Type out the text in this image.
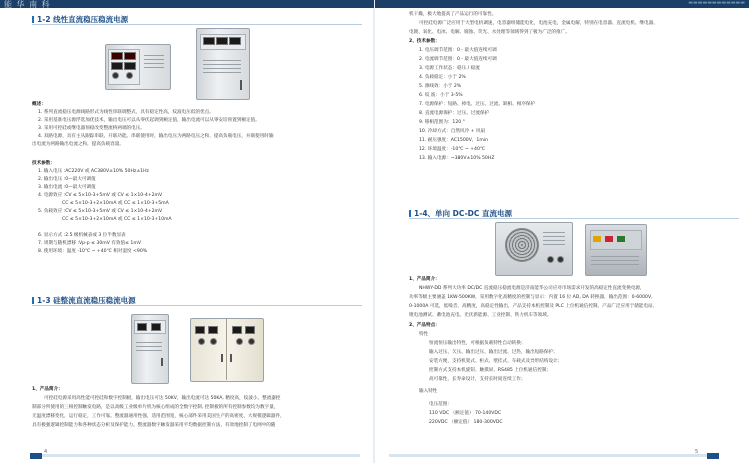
能 华 南 科
1-2 线性直流稳压稳流电源
概述：
1. 系列直流稳压电源线路形式为线性串联调整式，具有稳定性高，纹波电压低的优点。
2. 采用基准电压源浮选加优技术，输出电压可以从零伏起调到额定值，输出电流可以从零安培预置到额定值。
3. 采用可控硅或继电器预稳改变整流桥两端的电压。
4. 双路电源，具有主从跟踪串联、开联功能。串联使用时，输出电压为两路电压之和，提高负载电压，并联使用时输
出电流为两路输出电流之和，提高负载容量。
技术参数：
1. 输入电压 :AC220V 或 AC380V±10% 50Hz±1Hz
2. 输出电压 :0—最大可调值
3. 输出电流 :0—最大可调值
4. 电源效应 :CV ≤ 5×10-3+5mV 或 CV ≤ 1×10-4+2mV
CC ≤ 5×10-3+2×10mA 或 CC ≤ 1×10-3+5mA
5. 负载效应 :CV ≤ 5×10-3+5mV 或 CV ≤ 1×10-4+2mV
CC ≤ 5×10-3+2×10mA 或 CC ≤ 1×10-3+10mA
6. 显示方式 :2.5 级机械表或 3 位半数显表
7. 周期与随机漂移 :Vp-p ≤ 30mV 有效值≤ 1mV
8. 使用环境：温度 -10℃ ~ +40℃ 相对湿度 <90%
1-3 硅整流直流稳压稳流电源
1、产品简介：
可控硅电源采用高性能可控硅和数字控制板，输出电压可达 50KV，输出电流可达 50KA, 精度高，纹波小。整流器控
制部分所使用的三相控制触发电路，是以高级工业级单片机为核心组成的全数字控制, 控制板的所有控制参数均为数字量，
无温度漂移变化，运行稳定，工作可靠。整流器通用性强，适用范围宽，核心部件采用美国生产的高密度、大规模逻辑器件，
具有极强逻辑控制能力和各种状态分析及保护能力。整流器数字触发器采用平均数据控制方法，有效地控制了电网中的随
4
▬▬▬▬▬▬▬▬▬▬▬▬
机干燥，极大地提高了产品运行的可靠性。
可控硅电源广泛应用于大型电机调速，电容器组储能电化，电池充电，金属电解，特别在电容器、直流电机、继电器、
电镀、氧化、电冰、电解、腐蚀、荧光、水处理等领域得到了极为广泛的推广。
2、技术参数：
1. 电压调节范围：0 - 最大值连续可调
2. 电流调节范围：0 - 最大值连续可调
3. 电源工作状态：稳压 / 稳流
4. 负载稳定：小于 2%
5. 源线效：小于 2%
6. 纹 波：小于 3-5%
7. 电源保护：短路、掉电、过压、过流、缺相、相序保护
8. 直流电源保护：过压、过流保护
9. 移相范围为：120 °
10. 冷却方式：自然风冷 + 风扇
11. 耐压强度：AC1500V，1min
12. 环境温度：-10℃ ~ +40℃
13. 输入电源：~380V±10% 50HZ
1-4、单向 DC-DC 直流电源
1、产品简介：
NHWY-DD 系列大功率 DC/DC 直流稳压稳流电源是济南能华公司应对市场需求开发的高稳定性直流变换电源，
功率等级主要涵盖 1KW-500KW，采用数字化高精度的控制与显示：内置 16 位 AD, DA 转换器，输出范围：0-6000V,
0-1000A 可选，低噪音，高精度，高稳定性输出，产品支持本机控制及 PLC 上位机通信控制。产品广泛应用于储能电站、
锂电池测试、蓄电池充电、光伏新能源、工业控制、铁力机车等领域。
2、产品特点：
特性
恒流恒压输出特性，可根据负载特性自动转换；
输入过压、欠压、输出过压、输出过流、过热、输出短路保护；
安装方便，支持机架式、柜式、壁挂式、车载式及异形结构设计；
控制方式支持本机旋钮、触摸屏、RS485 上位机通信控制；
高可靠性，长寿命设计，支持长时间连续工作；
输入特性
电压范围：
110 VDC （额定值） 70-140VDC
220VDC （额定值） 180-300VDC
5
